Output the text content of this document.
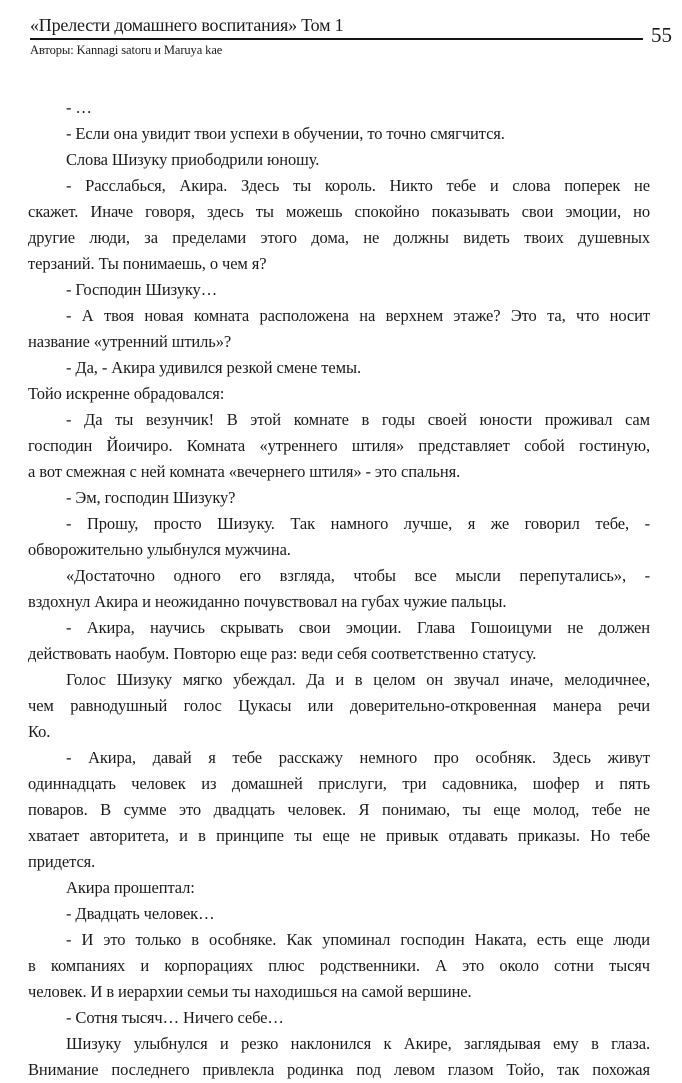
«Прелести домашнего воспитания» Том 1	55
Авторы: Kannagi satoru и Maruya kae
- …
- Если она увидит твои успехи в обучении, то точно смягчится.
Слова Шизуку приободрили юношу.
- Расслабься, Акира. Здесь ты король. Никто тебе и слова поперек не
скажет. Иначе говоря, здесь ты можешь спокойно показывать свои эмоции, но
другие люди, за пределами этого дома, не должны видеть твоих душевных
терзаний. Ты понимаешь, о чем я?
- Господин Шизуку…
- А твоя новая комната расположена на верхнем этаже? Это та, что носит
название «утренний штиль»?
- Да, - Акира удивился резкой смене темы.
Тойо искренне обрадовался:
- Да ты везунчик! В этой комнате в годы своей юности проживал сам
господин Йоичиро. Комната «утреннего штиля» представляет собой гостиную,
а вот смежная с ней комната «вечернего штиля» - это спальня.
- Эм, господин Шизуку?
- Прошу, просто Шизуку. Так намного лучше, я же говорил тебе, -
обворожительно улыбнулся мужчина.
«Достаточно одного его взгляда, чтобы все мысли перепутались», -
вздохнул Акира и неожиданно почувствовал на губах чужие пальцы.
- Акира, научись скрывать свои эмоции. Глава Гошоицуми не должен
действовать наобум. Повторю еще раз: веди себя соответственно статусу.
Голос Шизуку мягко убеждал. Да и в целом он звучал иначе, мелодичнее,
чем равнодушный голос Цукасы или доверительно-откровенная манера речи
Ко.
- Акира, давай я тебе расскажу немного про особняк. Здесь живут
одиннадцать человек из домашней прислуги, три садовника, шофер и пять
поваров. В сумме это двадцать человек. Я понимаю, ты еще молод, тебе не
хватает авторитета, и в принципе ты еще не привык отдавать приказы. Но тебе
придется.
Акира прошептал:
- Двадцать человек…
- И это только в особняке. Как упоминал господин Наката, есть еще люди
в компаниях и корпорациях плюс родственники. А это около сотни тысяч
человек. И в иерархии семьи ты находишься на самой вершине.
- Сотня тысяч… Ничего себе…
Шизуку улыбнулся и резко наклонился к Акире, заглядывая ему в глаза.
Внимание последнего привлекла родинка под левом глазом Тойо, так похожая
